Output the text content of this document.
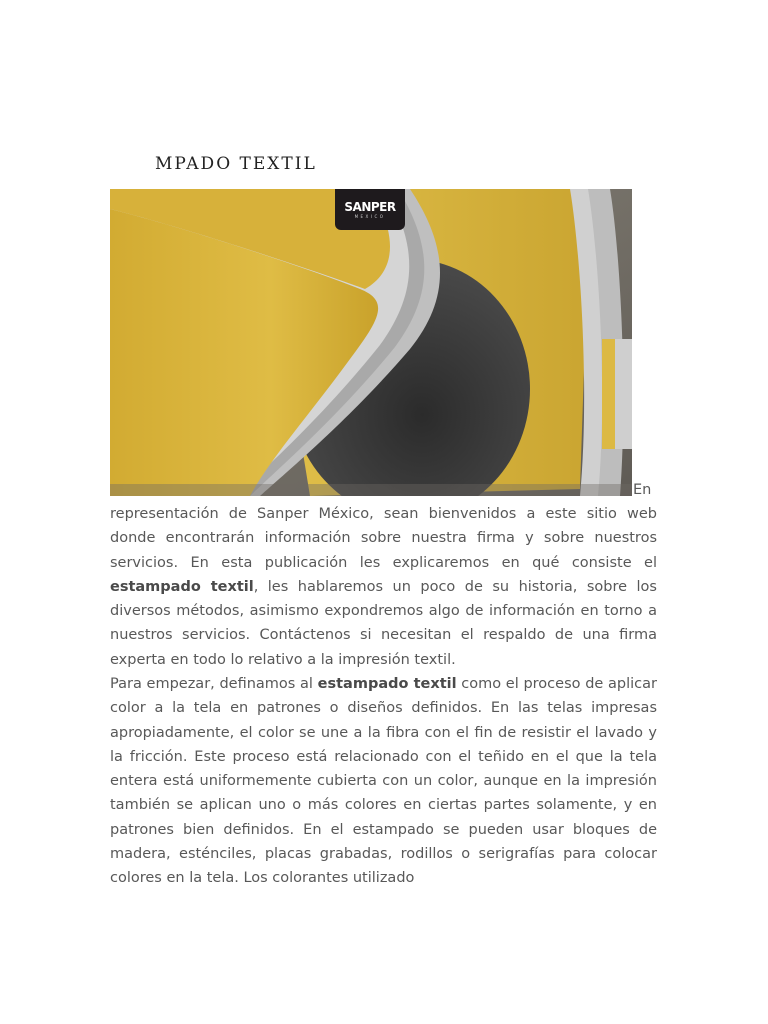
MPADO TEXTIL
SANPER
MEXICO

En

representación de Sanper México, sean bienvenidos a este sitio web donde encontrarán información sobre nuestra firma y sobre nuestros servicios. En esta publicación les explicaremos en qué consiste el estampado textil, les hablaremos un poco de su historia, sobre los diversos métodos, asimismo expondremos algo de información en torno a nuestros servicios. Contáctenos si necesitan el respaldo de una firma experta en todo lo relativo a la impresión textil.

Para empezar, definamos al estampado textil como el proceso de aplicar color a la tela en patrones o diseños definidos. En las telas impresas apropiadamente, el color se une a la fibra con el fin de resistir el lavado y la fricción. Este proceso está relacionado con el teñido en el que la tela entera está uniformemente cubierta con un color, aunque en la impresión también se aplican uno o más colores en ciertas partes solamente, y en patrones bien definidos. En el estampado se pueden usar bloques de madera, esténciles, placas grabadas, rodillos o serigrafías para colocar colores en la tela. Los colorantes utilizado
